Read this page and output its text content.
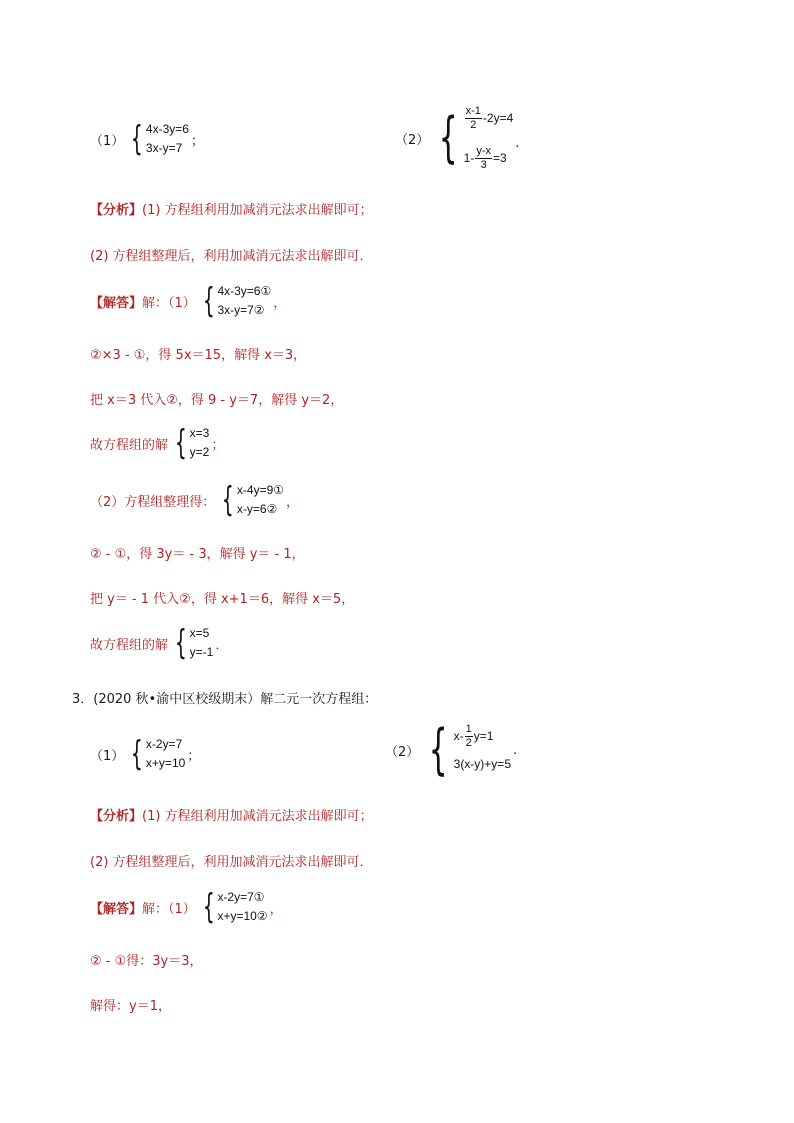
（1） { 4x-3y=6
3x-y=7 ；	（2） { $\frac{x-1}{2} -2y=4$
$1- \frac{y-x}{3} =3$
.
【分析】 (1) 方程组利用加减消元法求出解即可；
(2) 方程组整理后，利用加减消元法求出解即可．
【解答】 解：（1） { 4x-3y=6①
3x-y=7② ，
②×3 - ①，得 5x＝15，解得 x＝3，
把 x＝3 代入②，得 9 - y＝7，解得 y＝2，
故方程组的解 { x=3
y=2 ；
（2）方程组整理得： { x-4y=9①
x-y=6② ，
② - ①，得 3y＝ - 3，解得 y＝ - 1，
把 y＝ - 1 代入②，得 x+1＝6，解得 x＝5，
故方程组的解 { x=5
y=-1 ．
3．(2020 秋•渝中区校级期末）解二元一次方程组：
（1） { x-2y=7
x+y=10 ；	（2） { $x- \frac{1}{2} y=1$
3(x-y)+y=5
.
【分析】 (1) 方程组利用加减消元法求出解即可；
(2) 方程组整理后，利用加减消元法求出解即可．
【解答】 解：（1） { x-2y=7①
x+y=10② ，
② - ①得：3y＝3，
解得：y＝1，
